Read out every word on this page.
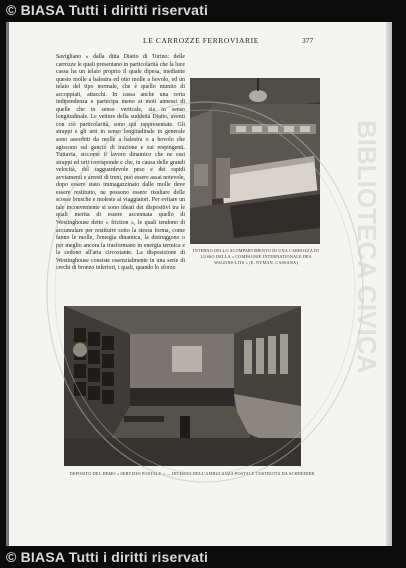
© BIASA Tutti i diritti riservati
LE CARROZZE FERROVIARIE	377
Savigliano » dalla ditta Diatto di Torino: delle carrozze le quali presentano in particolarità che la luce cassa ha un telaio proprio il quale dipesa, mediante questo molle a balestra ed otto molle a bovolo, ed un telaio del tipo normale, che è quello munito di accoppiati, attacchi. In cassa anche una certa indipendenza e partecipa meno ai moti annessi di quelle che in senso verticale, sia in senso longitudinale. Le vetture della suddetta Diatto, aventi con ciò particolarità, sono qui rappresentate. Gli strappi e gli urti in senso longitudinale in generale sono assorbiti da molle a balestra o a bovolo che agiscono sul gancio di trazione e sui respingenti. Tuttavia, siccome il lavoro dinamico che ne essi strappi ed urti corrisponde e che, in causa delle grandi velocità, del ragguardevole peso e dei rapidi avviamenti e arresti di treni, può essere assai notevole, dopo essere stato immagazzinato dalle molle deve essere restituito, ne possono essere risultare delle scosse brusche e moleste ai viaggiatori. Per evitare un tale inconveniente si sono ideati dei dispositivi tra le quali merita di essere accennata quello di Westinghouse detto « friction », le quali tendono di accumulare per restituire sotto la stessa forma, come fanno le molle, l'energia dinamica, la distruggono o per meglio ancora la trasformano in energia termica e la cedono all'aria circostante. La disposizione di Westinghouse consiste essenzialmente in una serie di cerchi di bronzo inferiori, i quali, quando lo sforzo
INTERNO DELLO SCOMPARTIMENTO DI UNA CARROZZA DI LUSSO DELLA « COMPAGNIE INTERNATIONALE DES WAGONS-LITS » (E. NYMAN, CASSANA)
DEPOSITO DEL DEMO « SERVIZIO POSTALE » — INTERNO DELL'AMBULANZA POSTALE COSTRUITA DA SCHNEIDER
BIBLIOTECA CIVICA
© BIASA Tutti i diritti riservati
